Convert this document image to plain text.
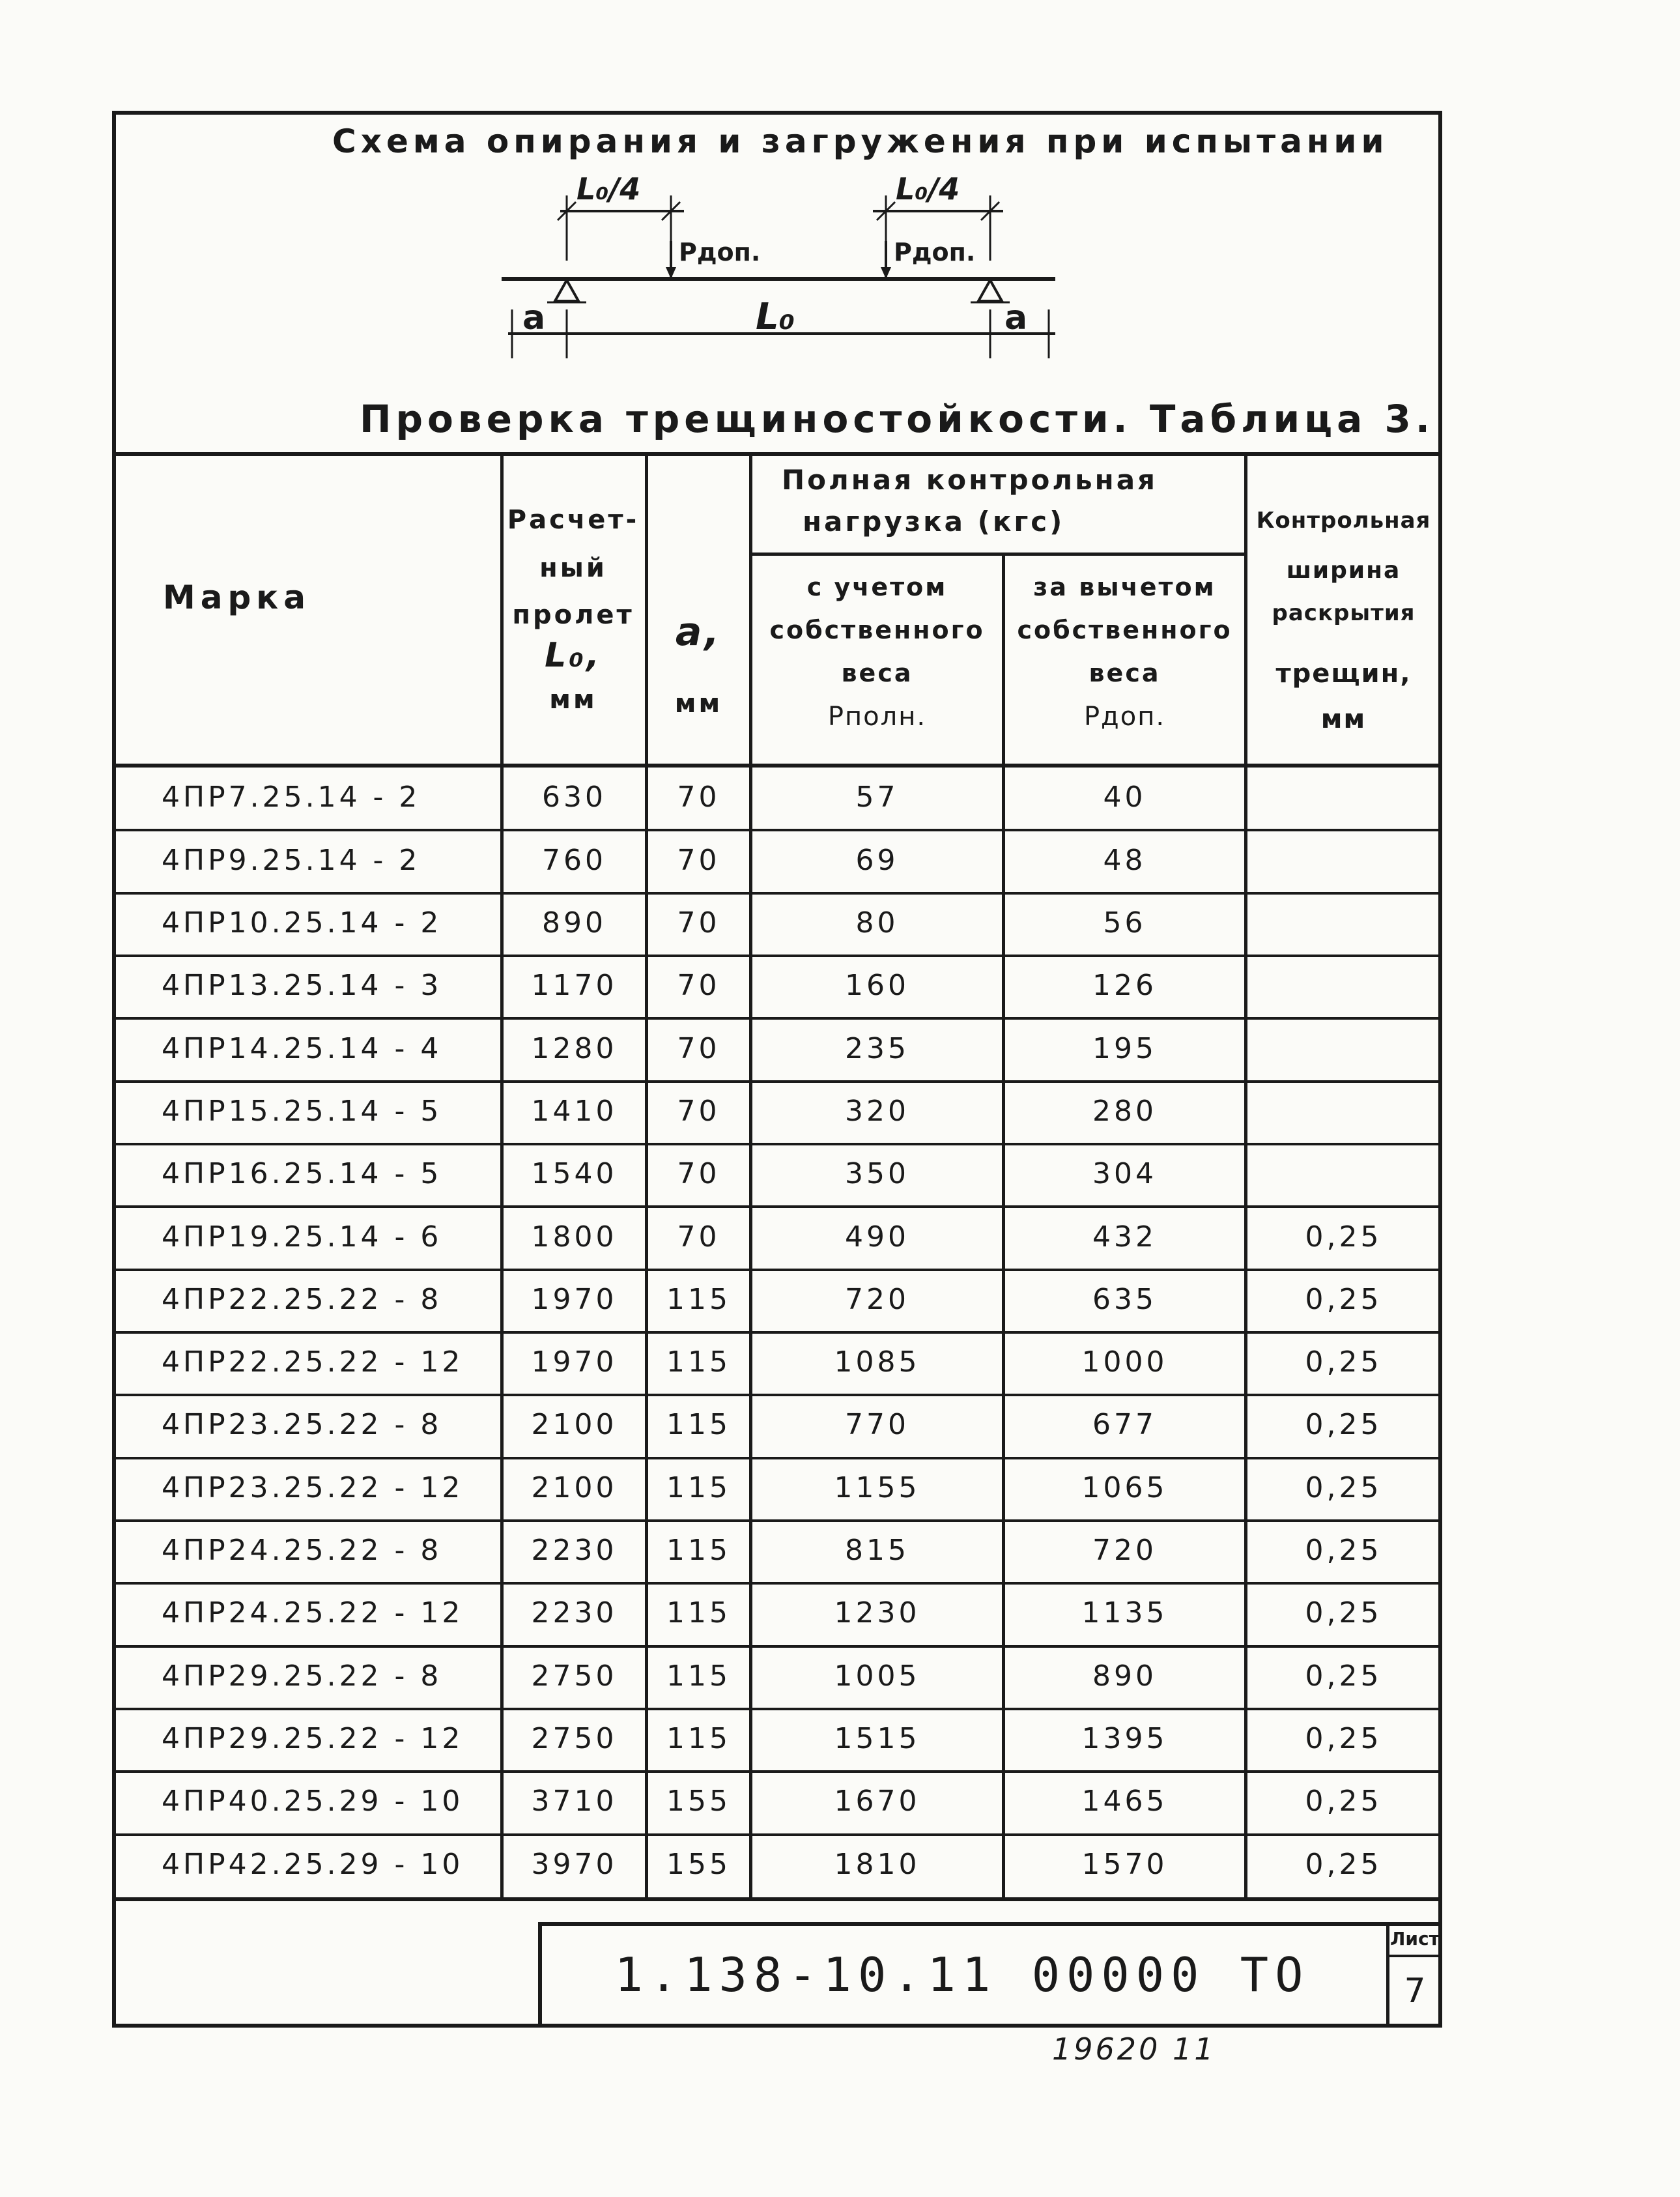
Схема опирания и загружения при испытании
L₀/4	L₀/4
Рдоп.	Рдоп.
a	L₀	a
Проверка трещиностойкости. Таблица 3.
Марка
Расчет-
ный
пролет
L₀,
мм
a,
мм
Полная контрольная
нагрузка (кгс)
с учетом
собственного
веса
Рполн.
за вычетом
собственного
веса
Рдоп.
Контрольная
ширина
раскрытия
трещин,
мм
4ПР7.25.14 - 2	630	70	57	40
4ПР9.25.14 - 2	760	70	69	48
4ПР10.25.14 - 2	890	70	80	56
4ПР13.25.14 - 3	1170	70	160	126
4ПР14.25.14 - 4	1280	70	235	195
4ПР15.25.14 - 5	1410	70	320	280
4ПР16.25.14 - 5	1540	70	350	304
4ПР19.25.14 - 6	1800	70	490	432	0,25
4ПР22.25.22 - 8	1970	115	720	635	0,25
4ПР22.25.22 - 12	1970	115	1085	1000	0,25
4ПР23.25.22 - 8	2100	115	770	677	0,25
4ПР23.25.22 - 12	2100	115	1155	1065	0,25
4ПР24.25.22 - 8	2230	115	815	720	0,25
4ПР24.25.22 - 12	2230	115	1230	1135	0,25
4ПР29.25.22 - 8	2750	115	1005	890	0,25
4ПР29.25.22 - 12	2750	115	1515	1395	0,25
4ПР40.25.29 - 10	3710	155	1670	1465	0,25
4ПР42.25.29 - 10	3970	155	1810	1570	0,25
1.138-10.11 00000 ТО
Лист
7
19620 11
